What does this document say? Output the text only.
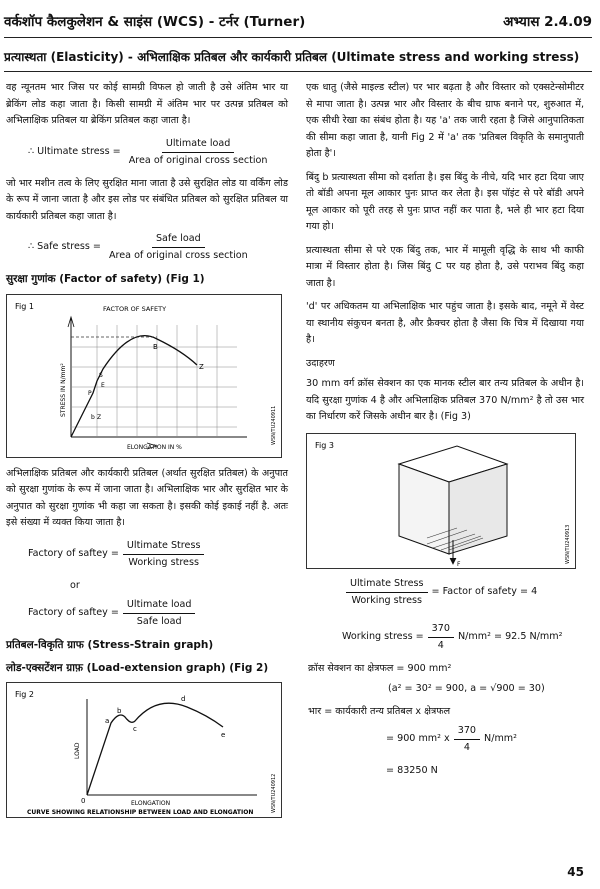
वर्कशॉप कैलकुलेशन & साइंस (WCS) - टर्नर (Turner)	अभ्यास 2.4.09
प्रत्यास्थता (Elasticity) - अभिलाक्षिक प्रतिबल और कार्यकारी प्रतिबल (Ultimate stress and working stress)

वह न्यूनतम भार जिस पर कोई सामग्री विफल हो जाती है उसे अंतिम भार या ब्रेकिंग लोड कहा जाता है। किसी सामग्री में अंतिम भार पर उत्पन्न प्रतिबल को अभिलाक्षिक प्रतिबल या ब्रेकिंग प्रतिबल कहा जाता है।

∴ Ultimate stress = $\frac{\text{Ultimate load}}{\text{Area of original cross section}}$

जो भार मशीन तत्व के लिए सुरक्षित माना जाता है उसे सुरक्षित लोड या वर्किंग लोड के रूप में जाना जाता है और इस लोड पर संबंधित प्रतिबल को सुरक्षित प्रतिबल या कार्यकारी प्रतिबल कहा जाता है।

∴ Safe stress = $\frac{\text{Safe load}}{\text{Area of original cross section}}$
सुरक्षा गुणांक (Factor of safety) (Fig 1)
Fig 1	FACTOR OF SAFETY
B
Z
S
E
P
b Z
STRESS IN N/mm²
ELONGATION IN %
WSN/TU240911

अभिलाक्षिक प्रतिबल और कार्यकारी प्रतिबल (अर्थात सुरक्षित प्रतिबल) के अनुपात को सुरक्षा गुणांक के रूप में जाना जाता है। अभिलाक्षिक भार और सुरक्षित भार के अनुपात को सुरक्षा गुणांक भी कहा जा सकता है। इसकी कोई इकाई नहीं है. अतः इसे संख्या में व्यक्त किया जाता है।

Factory of saftey = $\frac{\text{Ultimate Stress}}{\text{Working stress}}$
or
Factory of saftey = $\frac{\text{Ultimate load}}{\text{Safe load}}$
प्रतिबल-विकृति ग्राफ (Stress-Strain graph)
लोड-एक्सटेंशन ग्राफ़ (Load-extension graph) (Fig 2)
Fig 2
a
b
c
d
e
0
LOAD
ELONGATION
CURVE SHOWING RELATIONSHIP BETWEEN LOAD AND ELONGATION	WSN/TU240912

एक धातु (जैसे माइल्ड स्टील) पर भार बढ़ता है और विस्तार को एक्सटेन्सोमीटर से मापा जाता है। उत्पन्न भार और विस्तार के बीच ग्राफ बनाने पर, शुरुआत में, एक सीधी रेखा का संबंध होता है। यह 'a' तक जारी रहता है जिसे आनुपातिकता की सीमा कहा जाता है, यानी Fig 2 में 'a' तक 'प्रतिबल विकृति के समानुपाती होता है'।

बिंदु b प्रत्यास्थता सीमा को दर्शाता है। इस बिंदु के नीचे, यदि भार हटा दिया जाए तो बॉडी अपना मूल आकार पुनः प्राप्त कर लेता है। इस पॉइंट से परे बॉडी अपने मूल आकार को पूरी तरह से पुनः प्राप्त नहीं कर पाता है, भले ही भार हटा दिया गया हो।

प्रत्यास्थता सीमा से परे एक बिंदु तक, भार में मामूली वृद्धि के साथ भी काफी मात्रा में विस्तार होता है। जिस बिंदु C पर यह होता है, उसे पराभव बिंदु कहा जाता है।

'd' पर अधिकतम या अभिलाक्षिक भार पहुंच जाता है। इसके बाद, नमूने में वेस्ट या स्थानीय संकुचन बनता है, और फ्रैक्चर होता है जैसा कि चित्र में दिखाया गया है।

उदाहरण

30 mm वर्ग क्रॉस सेक्शन का एक मानक स्टील बार तन्य प्रतिबल के अधीन है। यदि सुरक्षा गुणांक 4 है और अभिलाक्षिक प्रतिबल 370 N/mm² है तो उस भार का निर्धारण करें जिसके अधीन बार है। (Fig 3)

Fig 3
F
WSN/TU240913
$\frac{\text{Ultimate Stress}}{\text{Working stress}}$ = Factor of safety = 4
Working stress = $\frac{370}{4} N/mm^2 = 92.5$ N/mm²
क्रॉस सेक्शन का क्षेत्रफल = 900 mm²
(a² = 30² = 900, a = √900 = 30)
भार = कार्यकारी तन्य प्रतिबल x क्षेत्रफल
= 900 mm² x $\frac{370}{4} N/mm^2$
= 83250 N
45
